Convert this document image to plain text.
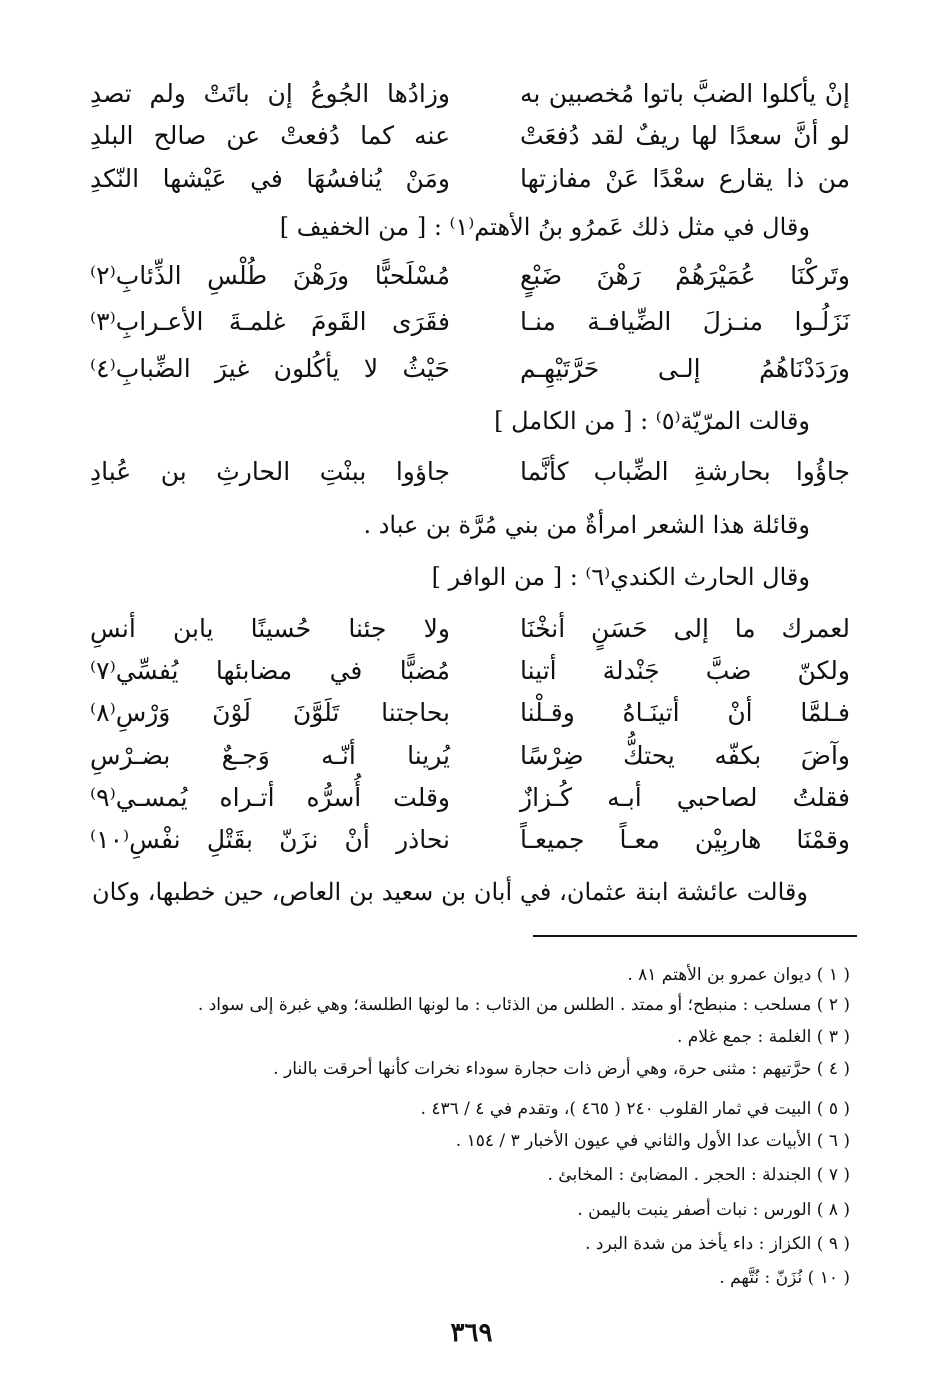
إنْ يأكلوا الضبَّ باتوا مُخصبين به
وزادُها الجُوعُ إن باتَتْ ولم تصدِ
لو أنَّ سعدًا لها ريفٌ لقد دُفعَتْ
عنه كما دُفعتْ عن صالح البلدِ
من ذا يقارع سعْدًا عَنْ مفازتها
ومَنْ يُنافسُهَا في عَيْشها النّكدِ
وقال في مثل ذلك عَمرُو بنُ الأهتم⁽١⁾ : [ من الخفيف ]
وتَركْنَا عُمَيْرَهُمْ رَهْنَ ضَبْعٍ
مُسْلَحبًّا ورَهْنَ طُلْسِ الذِّئابِ⁽٢⁾
نَزَلُـوا منـزلَ الضِّيافـة منـا
فقَرَى القَومَ غلمـةَ الأعـرابِ⁽٣⁾
ورَدَدْنَاهُمُ إلـى حَرَّتَيْهِـم
حَيْثُ لا يأكُلون غيرَ الضِّبابِ⁽٤⁾
وقالت المرّيّة⁽٥⁾ : [ من الكامل ]
جاؤُوا بحارشةِ الضِّباب كأنَّما
جاؤوا ببنْتِ الحارثِ بن عُبادِ
وقائلة هذا الشعر امرأةٌ من بني مُرَّة بن عباد .
وقال الحارث الكندي⁽٦⁾ : [ من الوافر ]
لعمرك ما إلى حَسَنٍ أنخْنَا
ولا جئنا حُسينًا يابن أنسِ
ولكنّ ضبَّ جَنْدلة أتينا
مُضبًّا في مضابئها يُفسِّي⁽٧⁾
فـلمَّا أنْ أتينَـاهُ وقـلْنا
بحاجتنا تَلَوَّنَ لَوْنَ وَرْسِ⁽٨⁾
وآضَ بكفّه يحتكُّ ضِرْسًا
يُرينا أنّـه وَجـعٌ بضـرْسِ
فقلتُ لصاحبي أبـه كُـزازٌ
وقلت أُسرُّه أتـراه يُمسـي⁽٩⁾
وقمْنَا هاربِيْن معـاً جميعـاً
نحاذر أنْ نزَنّ بقَتْلِ نفْسِ⁽١٠⁾
وقالت عائشة ابنة عثمان، في أبان بن سعيد بن العاص، حين خطبها، وكان
( ١ ) ديوان عمرو بن الأهتم ٨١ .
( ٢ ) مسلحب : منبطح؛ أو ممتد . الطلس من الذئاب : ما لونها الطلسة؛ وهي غبرة إلى سواد .
( ٣ ) الغلمة : جمع غلام .
( ٤ ) حرَّتيهم : مثنى حرة، وهي أرض ذات حجارة سوداء نخرات كأنها أحرقت بالنار .
( ٥ ) البيت في ثمار القلوب ٢٤٠ ( ٤٦٥ )، وتقدم في ٤ / ٤٣٦ .
( ٦ ) الأبيات عدا الأول والثاني في عيون الأخبار ٣ / ١٥٤ .
( ٧ ) الجندلة : الحجر . المضابئ : المخابئ .
( ٨ ) الورس : نبات أصفر ينبت باليمن .
( ٩ ) الكزاز : داء يأخذ من شدة البرد .
( ١٠ ) نُزَنّ : نُتَّهم .
٣٦٩
